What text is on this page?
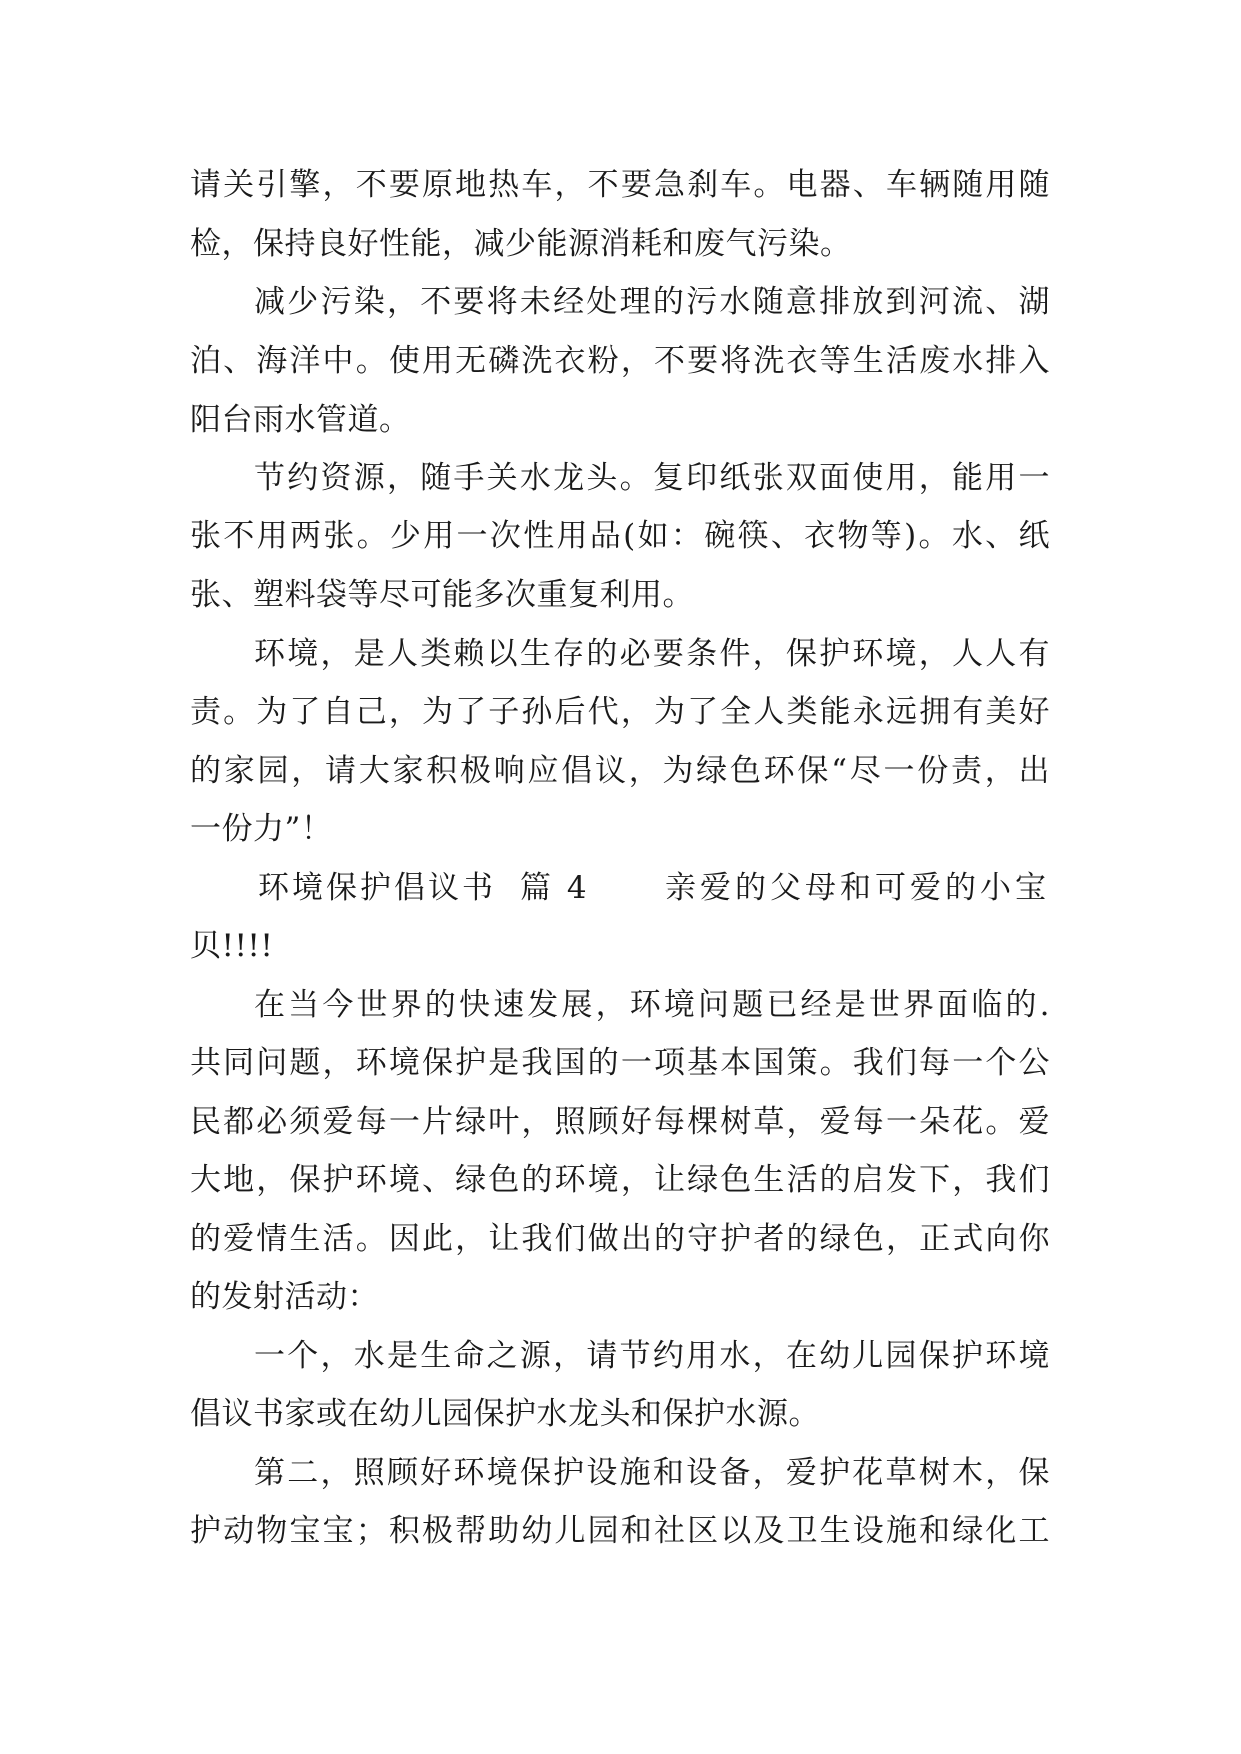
请关引擎，不要原地热车，不要急刹车。电器、车辆随用随
检，保持良好性能，减少能源消耗和废气污染。
减少污染，不要将未经处理的污水随意排放到河流、湖
泊、海洋中。使用无磷洗衣粉，不要将洗衣等生活废水排入
阳台雨水管道。
节约资源，随手关水龙头。复印纸张双面使用，能用一
张不用两张。少用一次性用品(如：碗筷、衣物等)。水、纸
张、塑料袋等尽可能多次重复利用。
环境，是人类赖以生存的必要条件，保护环境，人人有
责。为了自己，为了子孙后代，为了全人类能永远拥有美好
的家园，请大家积极响应倡议，为绿色环保“尽一份责，出
一份力”！
环境保护倡议书 篇 4 亲爱的父母和可爱的小宝
贝!!!!
在当今世界的快速发展，环境问题已经是世界面临的.
共同问题，环境保护是我国的一项基本国策。我们每一个公
民都必须爱每一片绿叶，照顾好每棵树草，爱每一朵花。爱
大地，保护环境、绿色的环境，让绿色生活的启发下，我们
的爱情生活。因此，让我们做出的守护者的绿色，正式向你
的发射活动：
一个，水是生命之源，请节约用水，在幼儿园保护环境
倡议书家或在幼儿园保护水龙头和保护水源。
第二，照顾好环境保护设施和设备，爱护花草树木，保
护动物宝宝；积极帮助幼儿园和社区以及卫生设施和绿化工
